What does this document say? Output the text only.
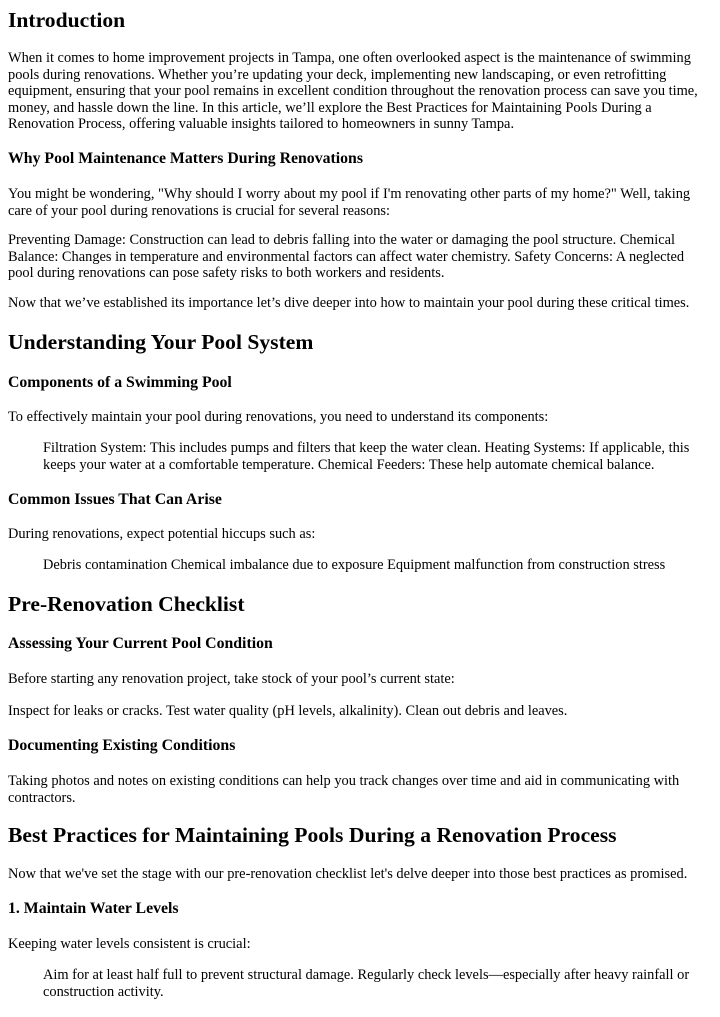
Introduction

When it comes to home improvement projects in Tampa, one often overlooked aspect is the maintenance of swimming pools during renovations. Whether you’re updating your deck, implementing new landscaping, or even retrofitting equipment, ensuring that your pool remains in excellent condition throughout the renovation process can save you time, money, and hassle down the line. In this article, we’ll explore the Best Practices for Maintaining Pools During a Renovation Process, offering valuable insights tailored to homeowners in sunny Tampa.

Why Pool Maintenance Matters During Renovations

You might be wondering, "Why should I worry about my pool if I'm renovating other parts of my home?" Well, taking care of your pool during renovations is crucial for several reasons:

Preventing Damage: Construction can lead to debris falling into the water or damaging the pool structure. Chemical Balance: Changes in temperature and environmental factors can affect water chemistry. Safety Concerns: A neglected pool during renovations can pose safety risks to both workers and residents.

Now that we’ve established its importance let’s dive deeper into how to maintain your pool during these critical times.

Understanding Your Pool System
Components of a Swimming Pool

To effectively maintain your pool during renovations, you need to understand its components:

Filtration System: This includes pumps and filters that keep the water clean. Heating Systems: If applicable, this keeps your water at a comfortable temperature. Chemical Feeders: These help automate chemical balance.

Common Issues That Can Arise

During renovations, expect potential hiccups such as:

Debris contamination Chemical imbalance due to exposure Equipment malfunction from construction stress

Pre-Renovation Checklist
Assessing Your Current Pool Condition

Before starting any renovation project, take stock of your pool’s current state:

Inspect for leaks or cracks. Test water quality (pH levels, alkalinity). Clean out debris and leaves.

Documenting Existing Conditions

Taking photos and notes on existing conditions can help you track changes over time and aid in communicating with contractors.

Best Practices for Maintaining Pools During a Renovation Process

Now that we've set the stage with our pre-renovation checklist let's delve deeper into those best practices as promised.

1. Maintain Water Levels

Keeping water levels consistent is crucial:

Aim for at least half full to prevent structural damage. Regularly check levels—especially after heavy rainfall or construction activity.
